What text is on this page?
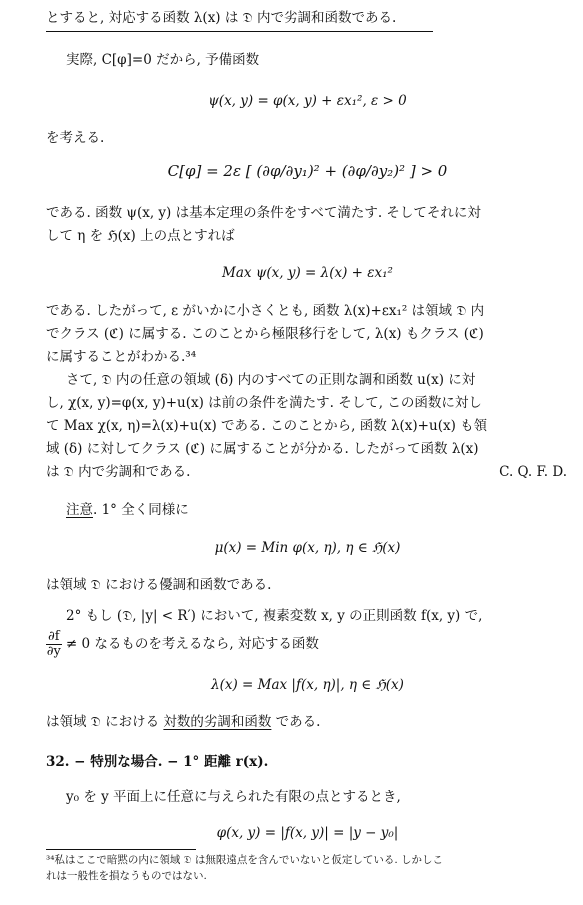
とすると, 対応する函数 λ(x) は 𝔇 内で劣調和函数である.
実際, C[φ]=0 だから, 予備函数
ψ(x, y) = φ(x, y) + εx₁², ε > 0
を考える.
C[φ] = 2ε [ (∂φ/∂y₁)² + (∂φ/∂y₂)² ] > 0
である. 函数 ψ(x, y) は基本定理の条件をすべて満たす. そしてそれに対
して η を ℌ(x) 上の点とすれば
Max ψ(x, y) = λ(x) + εx₁²
である. したがって, ε がいかに小さくとも, 函数 λ(x)+εx₁² は領域 𝔇 内
でクラス (ℭ) に属する. このことから極限移行をして, λ(x) もクラス (ℭ)
に属することがわかる.³⁴
さて, 𝔇 内の任意の領域 (δ) 内のすべての正則な調和函数 u(x) に対
し, χ(x, y)=φ(x, y)+u(x) は前の条件を満たす. そして, この函数に対し
て Max χ(x, η)=λ(x)+u(x) である. このことから, 函数 λ(x)+u(x) も領
域 (δ) に対してクラス (ℭ) に属することが分かる. したがって函数 λ(x)
は 𝔇 内で劣調和である.	C. Q. F. D.
注意. 1° 全く同様に
μ(x) = Min φ(x, η), η ∈ ℌ(x)
は領域 𝔇 における優調和函数である.
2° もし (𝔇, |y| < R′) において, 複素変数 x, y の正則函数 f(x, y) で,
$\frac{\partial f}{\partial y} \ne 0$ なるものを考えるなら, 対応する函数
λ(x) = Max |f(x, η)|, η ∈ ℌ(x)
は領域 𝔇 における 対数的劣調和函数 である.
32. − 特別な場合. − 1° 距離 r(x).
y₀ を y 平面上に任意に与えられた有限の点とするとき,
φ(x, y) = |f(x, y)| = |y − y₀|
³⁴私はここで暗黙の内に領域 𝔇 は無限遠点を含んでいないと仮定している. しかしこ
れは一般性を損なうものではない.
